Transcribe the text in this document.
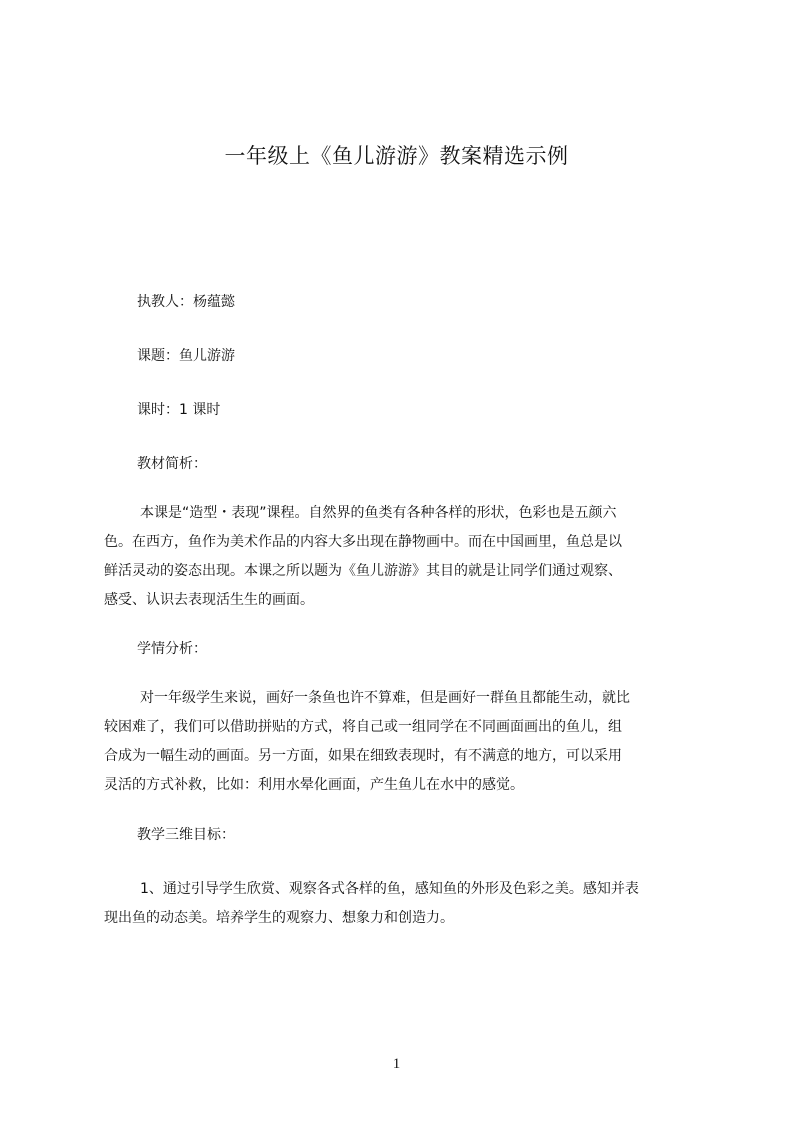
一年级上《鱼儿游游》教案精选示例
执教人：杨蕴懿
课题：鱼儿游游
课时：1 课时
教材简析：
本课是“造型・表现”课程。自然界的鱼类有各种各样的形状，色彩也是五颜六
色。在西方，鱼作为美术作品的内容大多出现在静物画中。而在中国画里，鱼总是以
鲜活灵动的姿态出现。本课之所以题为《鱼儿游游》其目的就是让同学们通过观察、
感受、认识去表现活生生的画面。
学情分析：
对一年级学生来说，画好一条鱼也许不算难，但是画好一群鱼且都能生动，就比
较困难了，我们可以借助拼贴的方式，将自己或一组同学在不同画面画出的鱼儿，组
合成为一幅生动的画面。另一方面，如果在细致表现时，有不满意的地方，可以采用
灵活的方式补救，比如：利用水晕化画面，产生鱼儿在水中的感觉。
教学三维目标：
1、通过引导学生欣赏、观察各式各样的鱼，感知鱼的外形及色彩之美。感知并表
现出鱼的动态美。培养学生的观察力、想象力和创造力。
1
